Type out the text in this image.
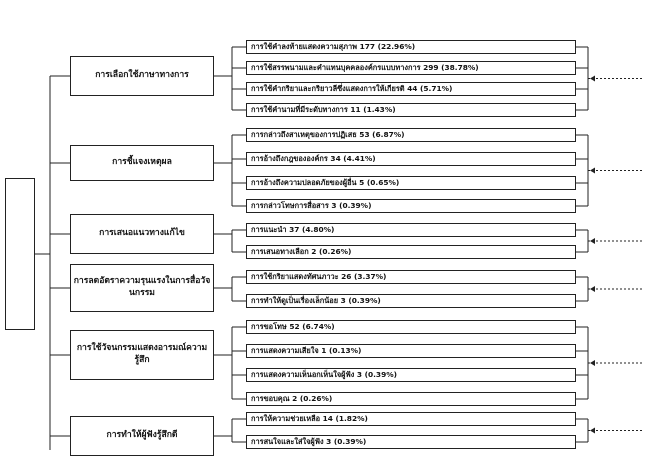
การเลือกใช้ภาษาทางการ
การใช้คำลงท้ายแสดงความสุภาพ 177 (22.96%)
การใช้สรรพนามและคำแทนบุคคลองค์กรแบบทางการ 299 (38.78%)
การใช้คำกริยาและกริยาวลีซึ่งแสดงการให้เกียรติ 44 (5.71%)
การใช้คำนามที่มีระดับทางการ 11 (1.43%)
การชี้แจงเหตุผล
การกล่าวถึงสาเหตุของการปฏิเสธ 53 (6.87%)
การอ้างถึงกฎขององค์กร 34 (4.41%)
การอ้างถึงความปลอดภัยของผู้อื่น 5 (0.65%)
การกล่าวโทษการสื่อสาร 3 (0.39%)
การเสนอแนวทางแก้ไข	การแนะนำ 37 (4.80%)
การเสนอทางเลือก 2 (0.26%)
การลดอัตราความรุนแรงในการสื่อวัจนกรรม
การใช้กริยาแสดงทัศนภาวะ 26 (3.37%)
การทำให้ดูเป็นเรื่องเล็กน้อย 3 (0.39%)
การใช้วัจนกรรมแสดงอารมณ์ความรู้สึก
การขอโทษ 52 (6.74%)
การแสดงความเสียใจ 1 (0.13%)
การแสดงความเห็นอกเห็นใจผู้ฟัง 3 (0.39%)
การขอบคุณ 2 (0.26%)
การทำให้ผู้ฟังรู้สึกดี
การให้ความช่วยเหลือ 14 (1.82%)
การสนใจและใส่ใจผู้ฟัง 3 (0.39%)
